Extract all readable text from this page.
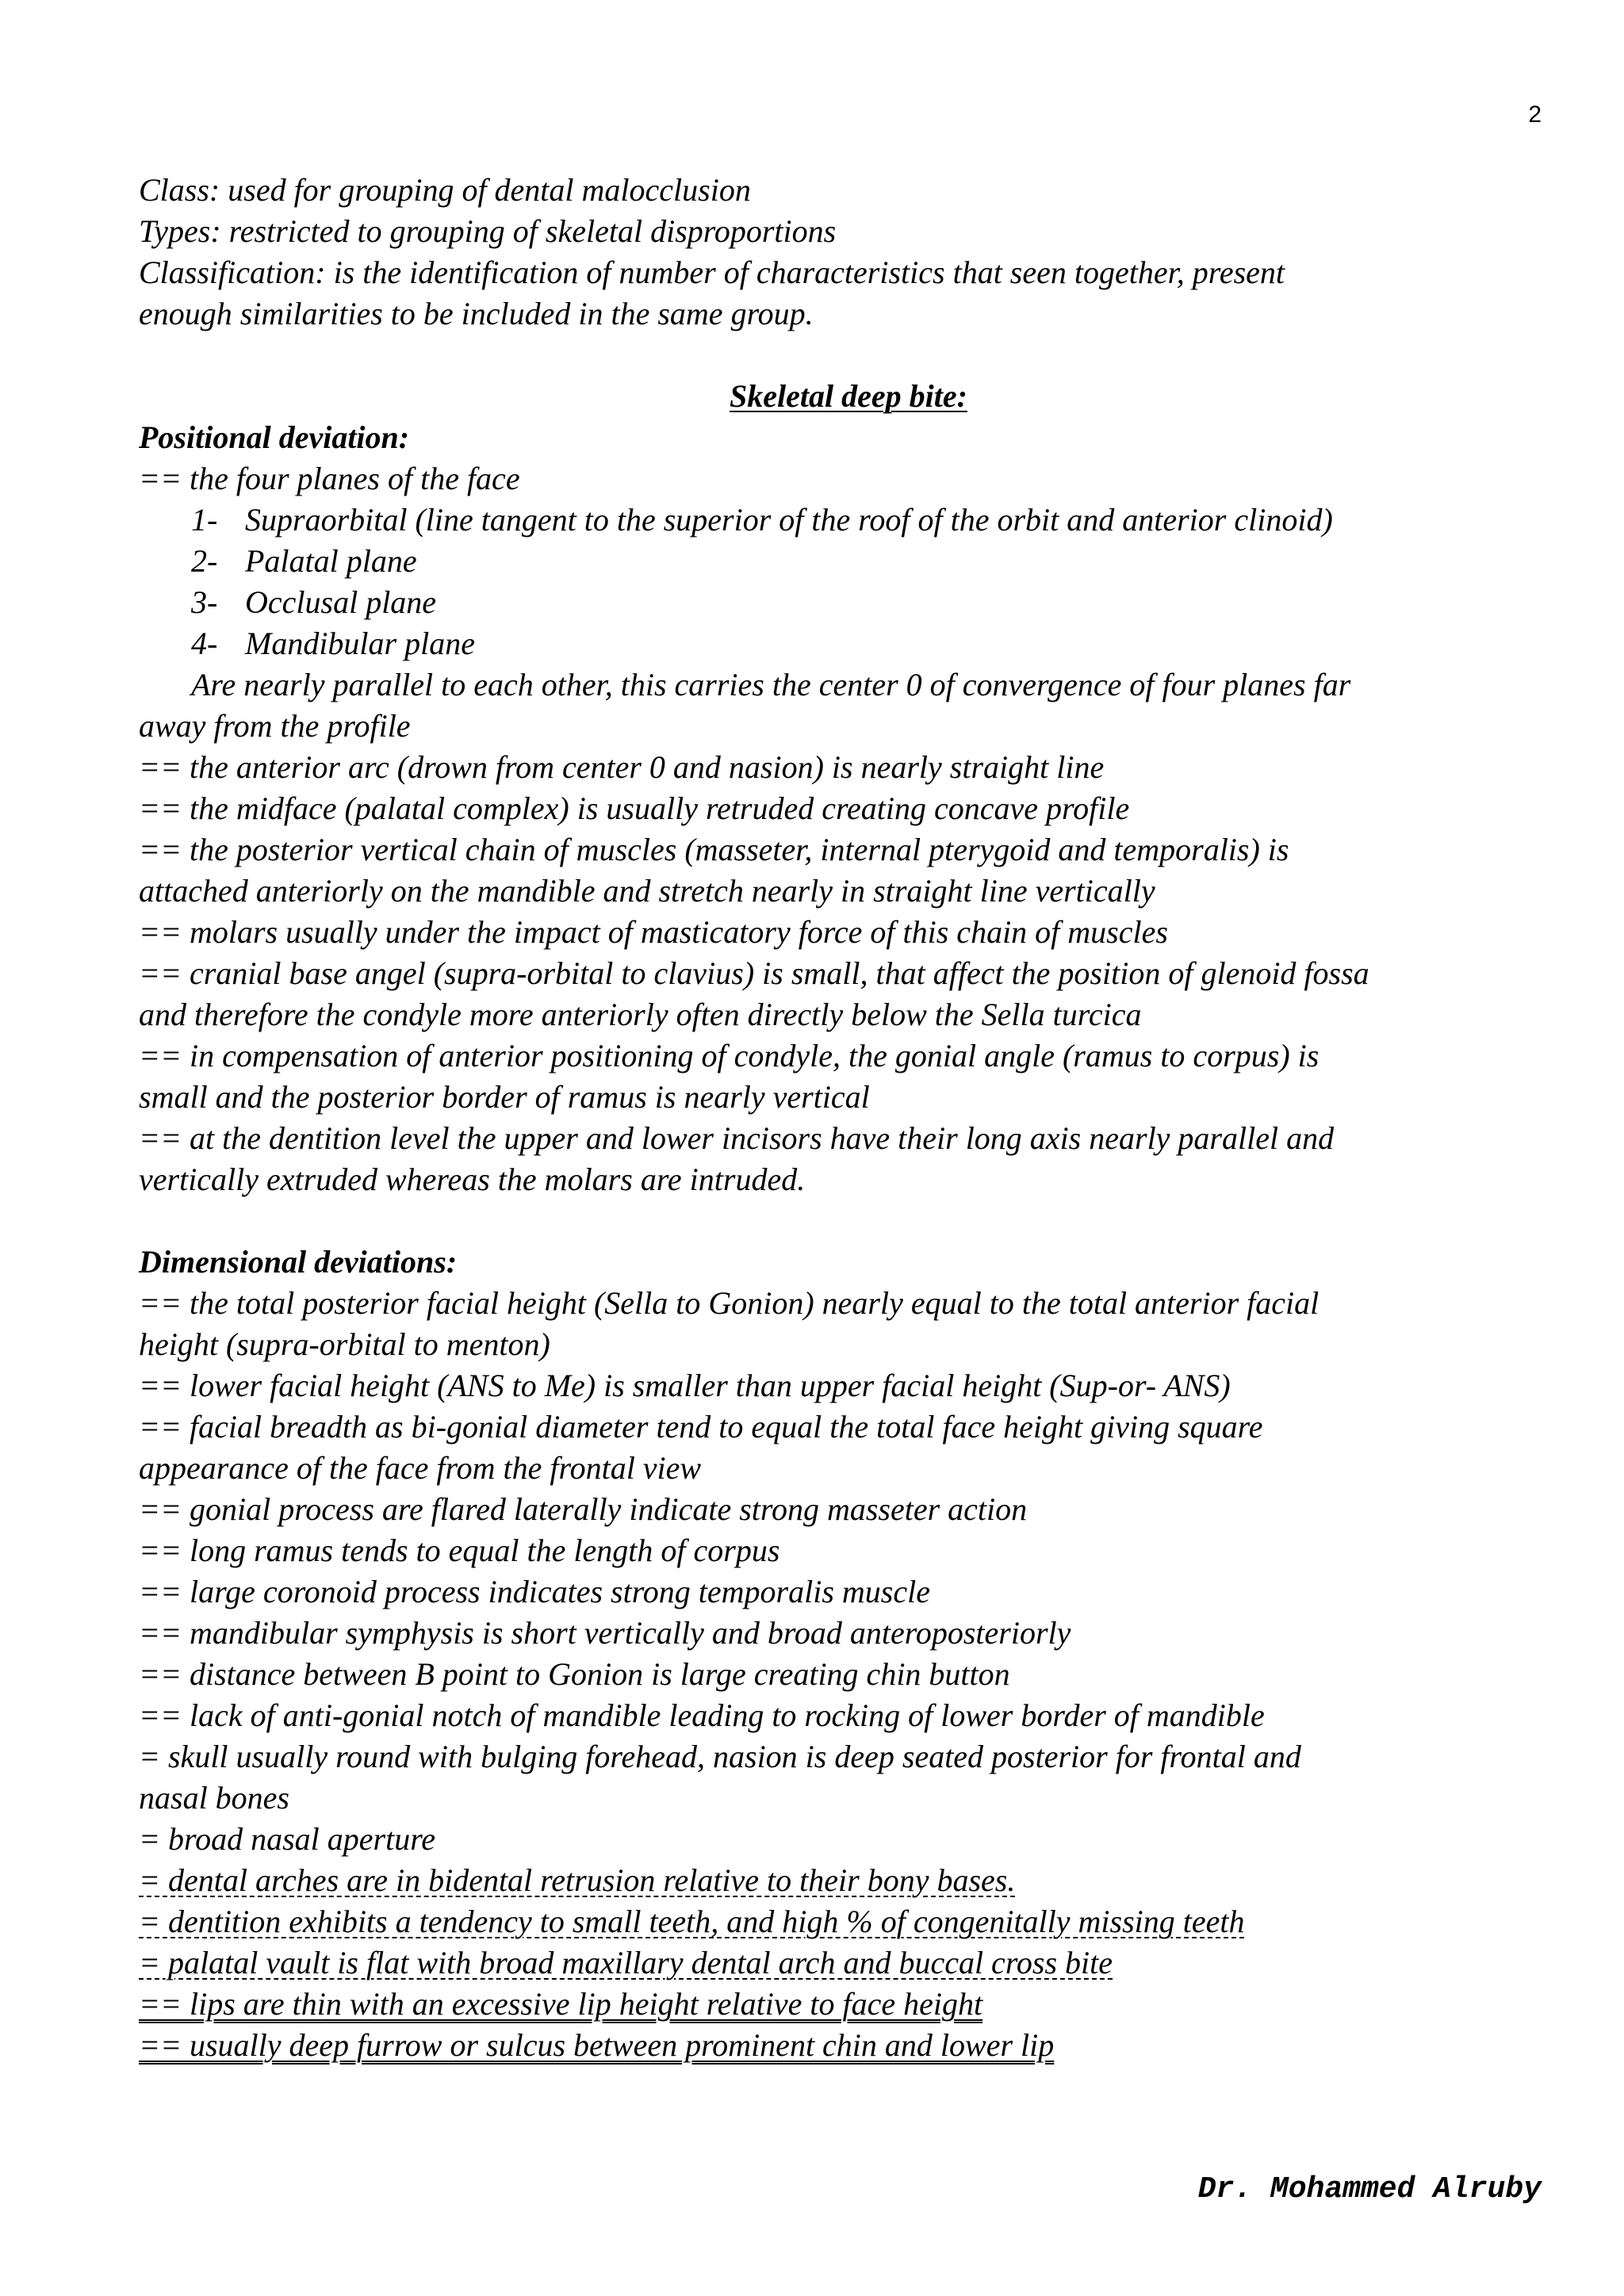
2
Class: used for grouping of dental malocclusion
Types: restricted to grouping of skeletal disproportions
Classification: is the identification of number of characteristics that seen together, present
enough similarities to be included in the same group.
Skeletal deep bite:
Positional deviation:
== the four planes of the face
1- Supraorbital (line tangent to the superior of the roof of the orbit and anterior clinoid)
2- Palatal plane
3- Occlusal plane
4- Mandibular plane
Are nearly parallel to each other, this carries the center 0 of convergence of four planes far
away from the profile
== the anterior arc (drown from center 0 and nasion) is nearly straight line
== the midface (palatal complex) is usually retruded creating concave profile
== the posterior vertical chain of muscles (masseter, internal pterygoid and temporalis) is
attached anteriorly on the mandible and stretch nearly in straight line vertically
== molars usually under the impact of masticatory force of this chain of muscles
== cranial base angel (supra-orbital to clavius) is small, that affect the position of glenoid fossa
and therefore the condyle more anteriorly often directly below the Sella turcica
== in compensation of anterior positioning of condyle, the gonial angle (ramus to corpus) is
small and the posterior border of ramus is nearly vertical
== at the dentition level the upper and lower incisors have their long axis nearly parallel and
vertically extruded whereas the molars are intruded.
Dimensional deviations:
== the total posterior facial height (Sella to Gonion) nearly equal to the total anterior facial
height (supra-orbital to menton)
== lower facial height (ANS to Me) is smaller than upper facial height (Sup-or- ANS)
== facial breadth as bi-gonial diameter tend to equal the total face height giving square
appearance of the face from the frontal view
== gonial process are flared laterally indicate strong masseter action
== long ramus tends to equal the length of corpus
== large coronoid process indicates strong temporalis muscle
== mandibular symphysis is short vertically and broad anteroposteriorly
== distance between B point to Gonion is large creating chin button
== lack of anti-gonial notch of mandible leading to rocking of lower border of mandible
= skull usually round with bulging forehead, nasion is deep seated posterior for frontal and
nasal bones
= broad nasal aperture
= dental arches are in bidental retrusion relative to their bony bases.
= dentition exhibits a tendency to small teeth, and high % of congenitally missing teeth
= palatal vault is flat with broad maxillary dental arch and buccal cross bite
== lips are thin with an excessive lip height relative to face height
== usually deep furrow or sulcus between prominent chin and lower lip
Dr. Mohammed Alruby
